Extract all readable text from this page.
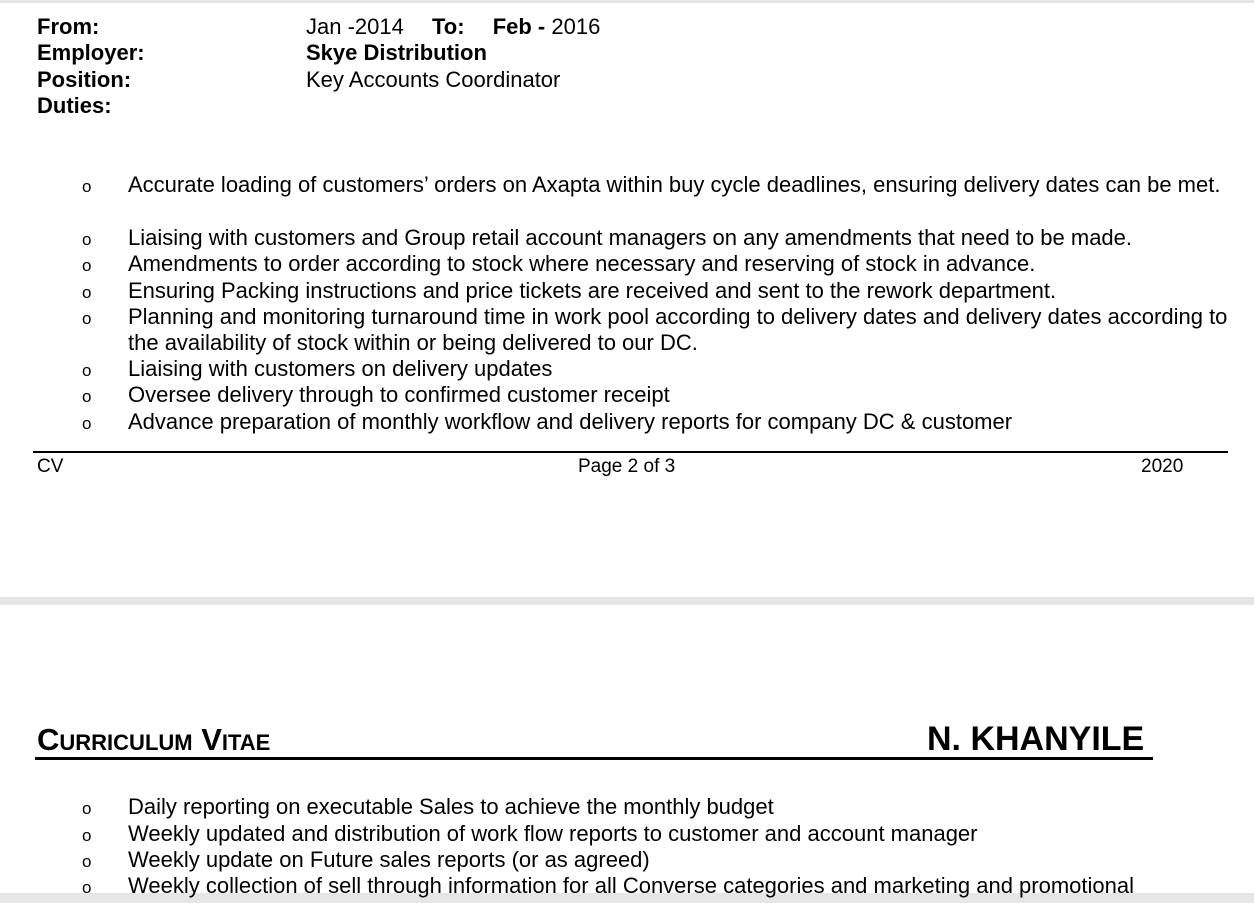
From:	Jan -2014 To: Feb - 2016
Employer:	Skye Distribution
Position:	Key Accounts Coordinator
Duties:
o Accurate loading of customers’ orders on Axapta within buy cycle deadlines, ensuring delivery dates can be met.
o Liaising with customers and Group retail account managers on any amendments that need to be made.
o Amendments to order according to stock where necessary and reserving of stock in advance.
o Ensuring Packing instructions and price tickets are received and sent to the rework department.
o Planning and monitoring turnaround time in work pool according to delivery dates and delivery dates according to the availability of stock within or being delivered to our DC.
o Liaising with customers on delivery updates
o Oversee delivery through to confirmed customer receipt
o Advance preparation of monthly workflow and delivery reports for company DC & customer
CV	Page 2 of 3	2020
Curriculum Vitae	N. KHANYILE
o Daily reporting on executable Sales to achieve the monthly budget
o Weekly updated and distribution of work flow reports to customer and account manager
o Weekly update on Future sales reports (or as agreed)
o Weekly collection of sell through information for all Converse categories and marketing and promotional
